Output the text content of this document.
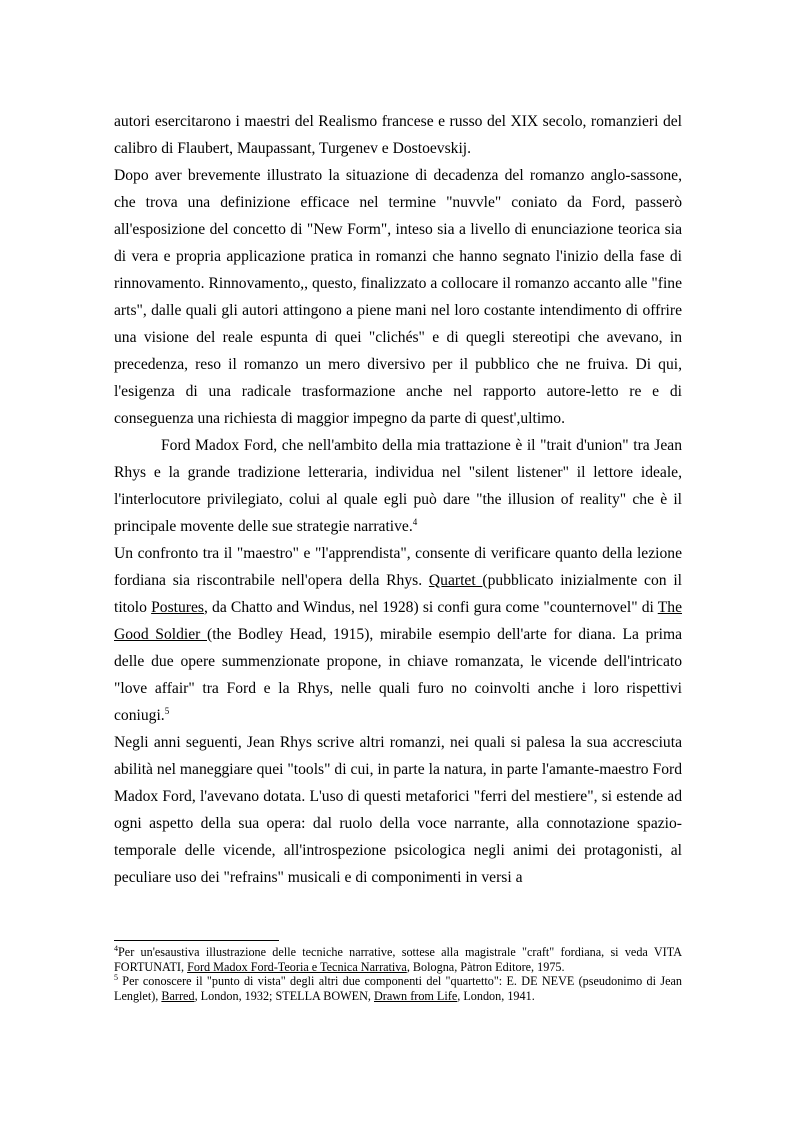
autori esercitarono i maestri del Realismo francese e russo del XIX secolo, romanzieri del calibro di Flaubert, Maupassant, Turgenev e Dostoevskij.

Dopo aver brevemente illustrato la situazione di decadenza del romanzo anglo-sassone, che trova una definizione efficace nel termine "nuvvle" coniato da Ford, passerò all'esposizione del concetto di "New Form", inteso sia a livello di enunciazione teorica sia di vera e propria applicazione pratica in romanzi che hanno segnato l'inizio della fase di rinnovamento. Rinnovamento,, questo, finalizzato a collocare il romanzo accanto alle "fine arts", dalle quali gli autori attingono a piene mani nel loro costante intendimento di offrire una visione del reale espunta di quei "clichés" e di quegli stereotipi che avevano, in precedenza, reso il romanzo un mero diversivo per il pubblico che ne fruiva. Di qui, l'esigenza di una radicale trasformazione anche nel rapporto autore-letto re e di conseguenza una richiesta di maggior impegno da parte di quest',ultimo.

Ford Madox Ford, che nell'ambito della mia trattazione è il "trait d'union" tra Jean Rhys e la grande tradizione letteraria, individua nel "silent listener" il lettore ideale, l'interlocutore privilegiato, colui al quale egli può dare "the illusion of reality" che è il principale movente delle sue strategie narrative.$^4$

Un confronto tra il "maestro" e "l'apprendista", consente di verificare quanto della lezione fordiana sia riscontrabile nell'opera della Rhys. Quartet (pubblicato inizialmente con il titolo Postures, da Chatto and Windus, nel 1928) si confi gura come "counternovel" di The Good Soldier (the Bodley Head, 1915), mirabile esempio dell'arte for diana. La prima delle due opere summenzionate propone, in chiave romanzata, le vicende dell'intricato "love affair" tra Ford e la Rhys, nelle quali furo no coinvolti anche i loro rispettivi coniugi.$^5$

Negli anni seguenti, Jean Rhys scrive altri romanzi, nei quali si palesa la sua accresciuta abilità nel maneggiare quei "tools" di cui, in parte la natura, in parte l'amante-maestro Ford Madox Ford, l'avevano dotata. L'uso di questi metaforici "ferri del mestiere", si estende ad ogni aspetto della sua opera: dal ruolo della voce narrante, alla connotazione spazio-temporale delle vicende, all'introspezione psicologica negli animi dei protagonisti, al peculiare uso dei "refrains" musicali e di componimenti in versi a

$^4$Per un'esaustiva illustrazione delle tecniche narrative, sottese alla magistrale "craft" fordiana, si veda VITA FORTUNATI, Ford Madox Ford-Teoria e Tecnica Narrativa, Bologna, Pàtron Editore, 1975.

$^5$ Per conoscere il "punto di vista" degli altri due componenti del "quartetto": E. DE NEVE (pseudonimo di Jean Lenglet), Barred, London, 1932; STELLA BOWEN, Drawn from Life, London, 1941.
